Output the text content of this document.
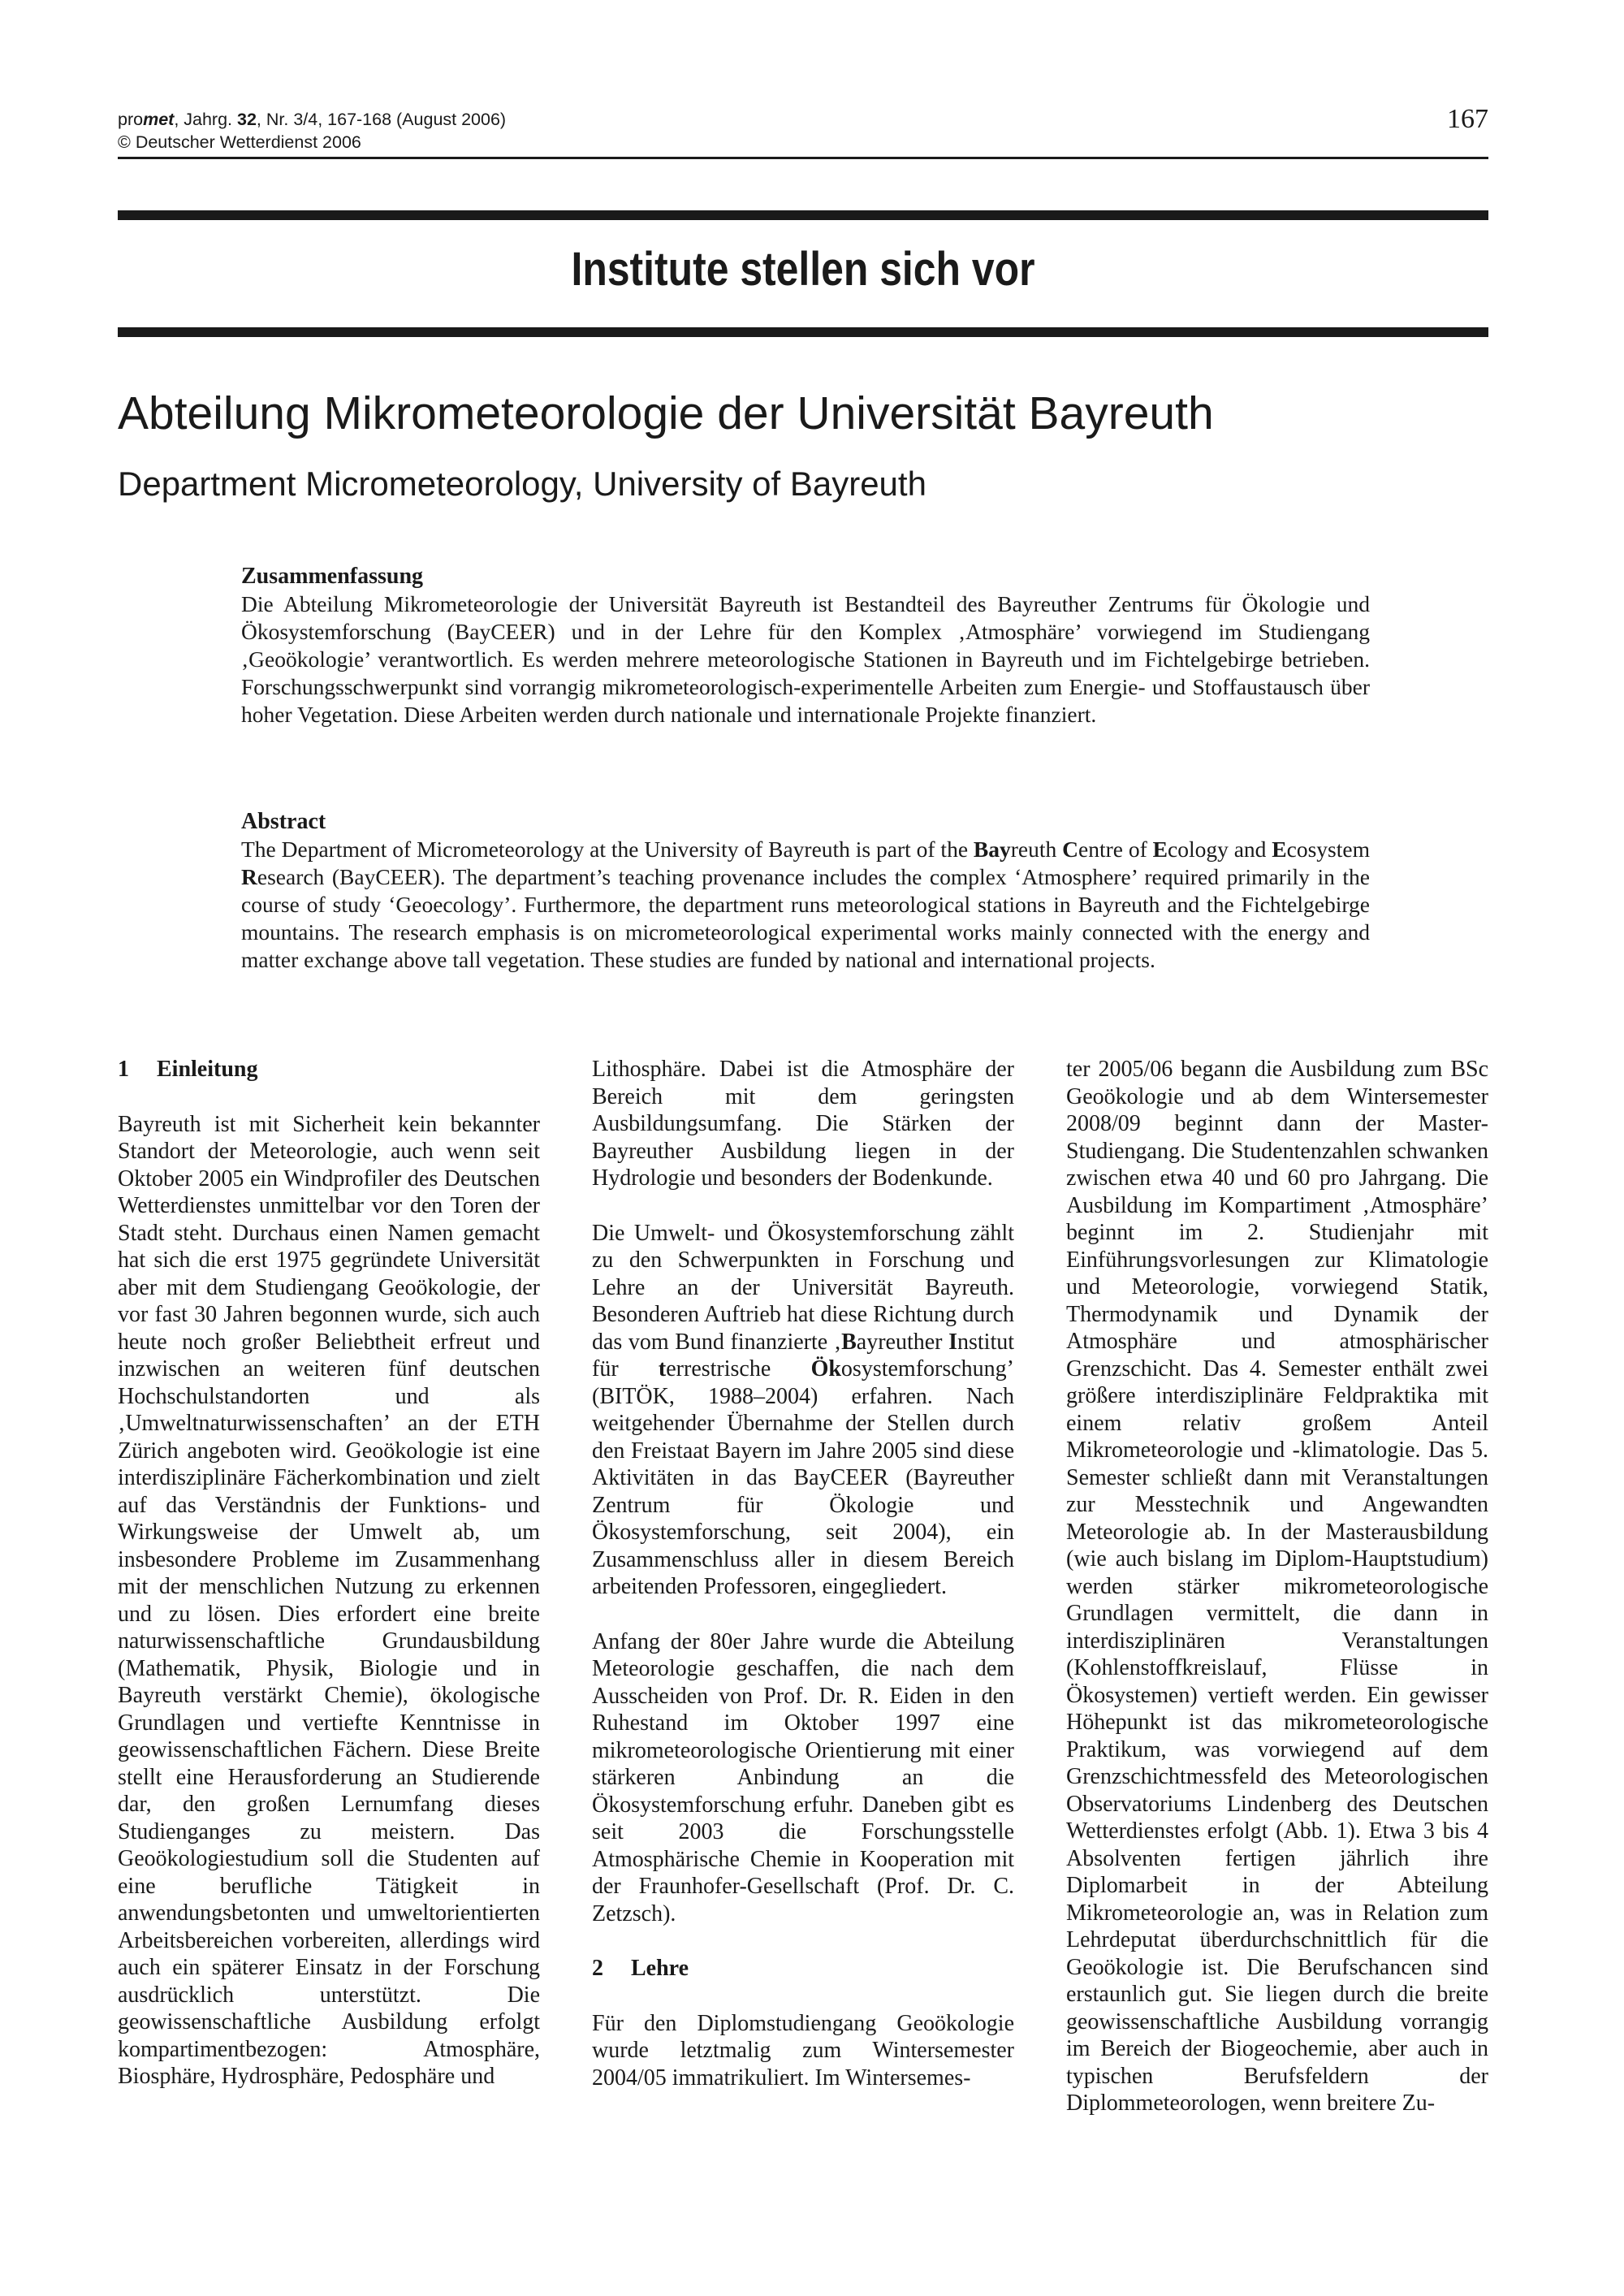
promet, Jahrg. 32, Nr. 3/4, 167-168 (August 2006)
© Deutscher Wetterdienst 2006
167
Institute stellen sich vor
Abteilung Mikrometeorologie der Universität Bayreuth
Department Micrometeorology, University of Bayreuth
Zusammenfassung
Die Abteilung Mikrometeorologie der Universität Bayreuth ist Bestandteil des Bayreuther Zentrums für Ökologie und Ökosystemforschung (BayCEER) und in der Lehre für den Komplex ‚Atmosphäre’ vorwiegend im Studiengang ‚Geoökologie’ verantwortlich. Es werden mehrere meteorologische Stationen in Bayreuth und im Fichtelgebirge betrieben. Forschungsschwerpunkt sind vorrangig mikrometeorologisch-experimentelle Arbeiten zum Energie- und Stoffaustausch über hoher Vegetation. Diese Arbeiten werden durch nationale und internationale Projekte finanziert.
Abstract
The Department of Micrometeorology at the University of Bayreuth is part of the Bayreuth Centre of Ecology and Ecosystem Research (BayCEER). The department’s teaching provenance includes the complex ‘Atmosphere’ required primarily in the course of study ‘Geoecology’. Furthermore, the department runs meteorological stations in Bayreuth and the Fichtelgebirge mountains. The research emphasis is on micrometeorological experimental works mainly connected with the energy and matter exchange above tall vegetation. These studies are funded by national and international projects.
1 Einleitung

Bayreuth ist mit Sicherheit kein bekannter Standort der Meteorologie, auch wenn seit Oktober 2005 ein Windprofiler des Deutschen Wetterdienstes unmittelbar vor den Toren der Stadt steht. Durchaus einen Namen gemacht hat sich die erst 1975 gegründete Universität aber mit dem Studiengang Geoökologie, der vor fast 30 Jahren begonnen wurde, sich auch heute noch großer Beliebtheit erfreut und inzwischen an weiteren fünf deutschen Hochschulstandorten und als ‚Umweltnaturwissenschaften’ an der ETH Zürich angeboten wird. Geoökologie ist eine interdisziplinäre Fächerkombination und zielt auf das Verständnis der Funktions- und Wirkungsweise der Umwelt ab, um insbesondere Probleme im Zusammenhang mit der menschlichen Nutzung zu erkennen und zu lösen. Dies erfordert eine breite naturwissenschaftliche Grundausbildung (Mathematik, Physik, Biologie und in Bayreuth verstärkt Chemie), ökologische Grundlagen und vertiefte Kenntnisse in geowissenschaftlichen Fächern. Diese Breite stellt eine Herausforderung an Studierende dar, den großen Lernumfang dieses Studienganges zu meistern. Das Geoökologiestudium soll die Studenten auf eine berufliche Tätigkeit in anwendungsbetonten und umweltorientierten Arbeitsbereichen vorbereiten, allerdings wird auch ein späterer Einsatz in der Forschung ausdrücklich unterstützt. Die geowissenschaftliche Ausbildung erfolgt kompartimentbezogen: Atmosphäre, Biosphäre, Hydrosphäre, Pedosphäre und

Lithosphäre. Dabei ist die Atmosphäre der Bereich mit dem geringsten Ausbildungsumfang. Die Stärken der Bayreuther Ausbildung liegen in der Hydrologie und besonders der Bodenkunde.

Die Umwelt- und Ökosystemforschung zählt zu den Schwerpunkten in Forschung und Lehre an der Universität Bayreuth. Besonderen Auftrieb hat diese Richtung durch das vom Bund finanzierte ‚Bayreuther Institut für terrestrische Ökosystemforschung’ (BITÖK, 1988–2004) erfahren. Nach weitgehender Übernahme der Stellen durch den Freistaat Bayern im Jahre 2005 sind diese Aktivitäten in das BayCEER (Bayreuther Zentrum für Ökologie und Ökosystemforschung, seit 2004), ein Zusammenschluss aller in diesem Bereich arbeitenden Professoren, eingegliedert.

Anfang der 80er Jahre wurde die Abteilung Meteorologie geschaffen, die nach dem Ausscheiden von Prof. Dr. R. Eiden in den Ruhestand im Oktober 1997 eine mikrometeorologische Orientierung mit einer stärkeren Anbindung an die Ökosystemforschung erfuhr. Daneben gibt es seit 2003 die Forschungsstelle Atmosphärische Chemie in Kooperation mit der Fraunhofer-Gesellschaft (Prof. Dr. C. Zetzsch).

2 Lehre

Für den Diplomstudiengang Geoökologie wurde letztmalig zum Wintersemester 2004/05 immatrikuliert. Im Wintersemes-

ter 2005/06 begann die Ausbildung zum BSc Geoökologie und ab dem Wintersemester 2008/09 beginnt dann der Master-Studiengang. Die Studentenzahlen schwanken zwischen etwa 40 und 60 pro Jahrgang. Die Ausbildung im Kompartiment ‚Atmosphäre’ beginnt im 2. Studienjahr mit Einführungsvorlesungen zur Klimatologie und Meteorologie, vorwiegend Statik, Thermodynamik und Dynamik der Atmosphäre und atmosphärischer Grenzschicht. Das 4. Semester enthält zwei größere interdisziplinäre Feldpraktika mit einem relativ großem Anteil Mikrometeorologie und -klimatologie. Das 5. Semester schließt dann mit Veranstaltungen zur Messtechnik und Angewandten Meteorologie ab. In der Masterausbildung (wie auch bislang im Diplom-Hauptstudium) werden stärker mikrometeorologische Grundlagen vermittelt, die dann in interdisziplinären Veranstaltungen (Kohlenstoffkreislauf, Flüsse in Ökosystemen) vertieft werden. Ein gewisser Höhepunkt ist das mikrometeorologische Praktikum, was vorwiegend auf dem Grenzschichtmessfeld des Meteorologischen Observatoriums Lindenberg des Deutschen Wetterdienstes erfolgt (Abb. 1). Etwa 3 bis 4 Absolventen fertigen jährlich ihre Diplomarbeit in der Abteilung Mikrometeorologie an, was in Relation zum Lehrdeputat überdurchschnittlich für die Geoökologie ist. Die Berufschancen sind erstaunlich gut. Sie liegen durch die breite geowissenschaftliche Ausbildung vorrangig im Bereich der Biogeochemie, aber auch in typischen Berufsfeldern der Diplommeteorologen, wenn breitere Zu-
